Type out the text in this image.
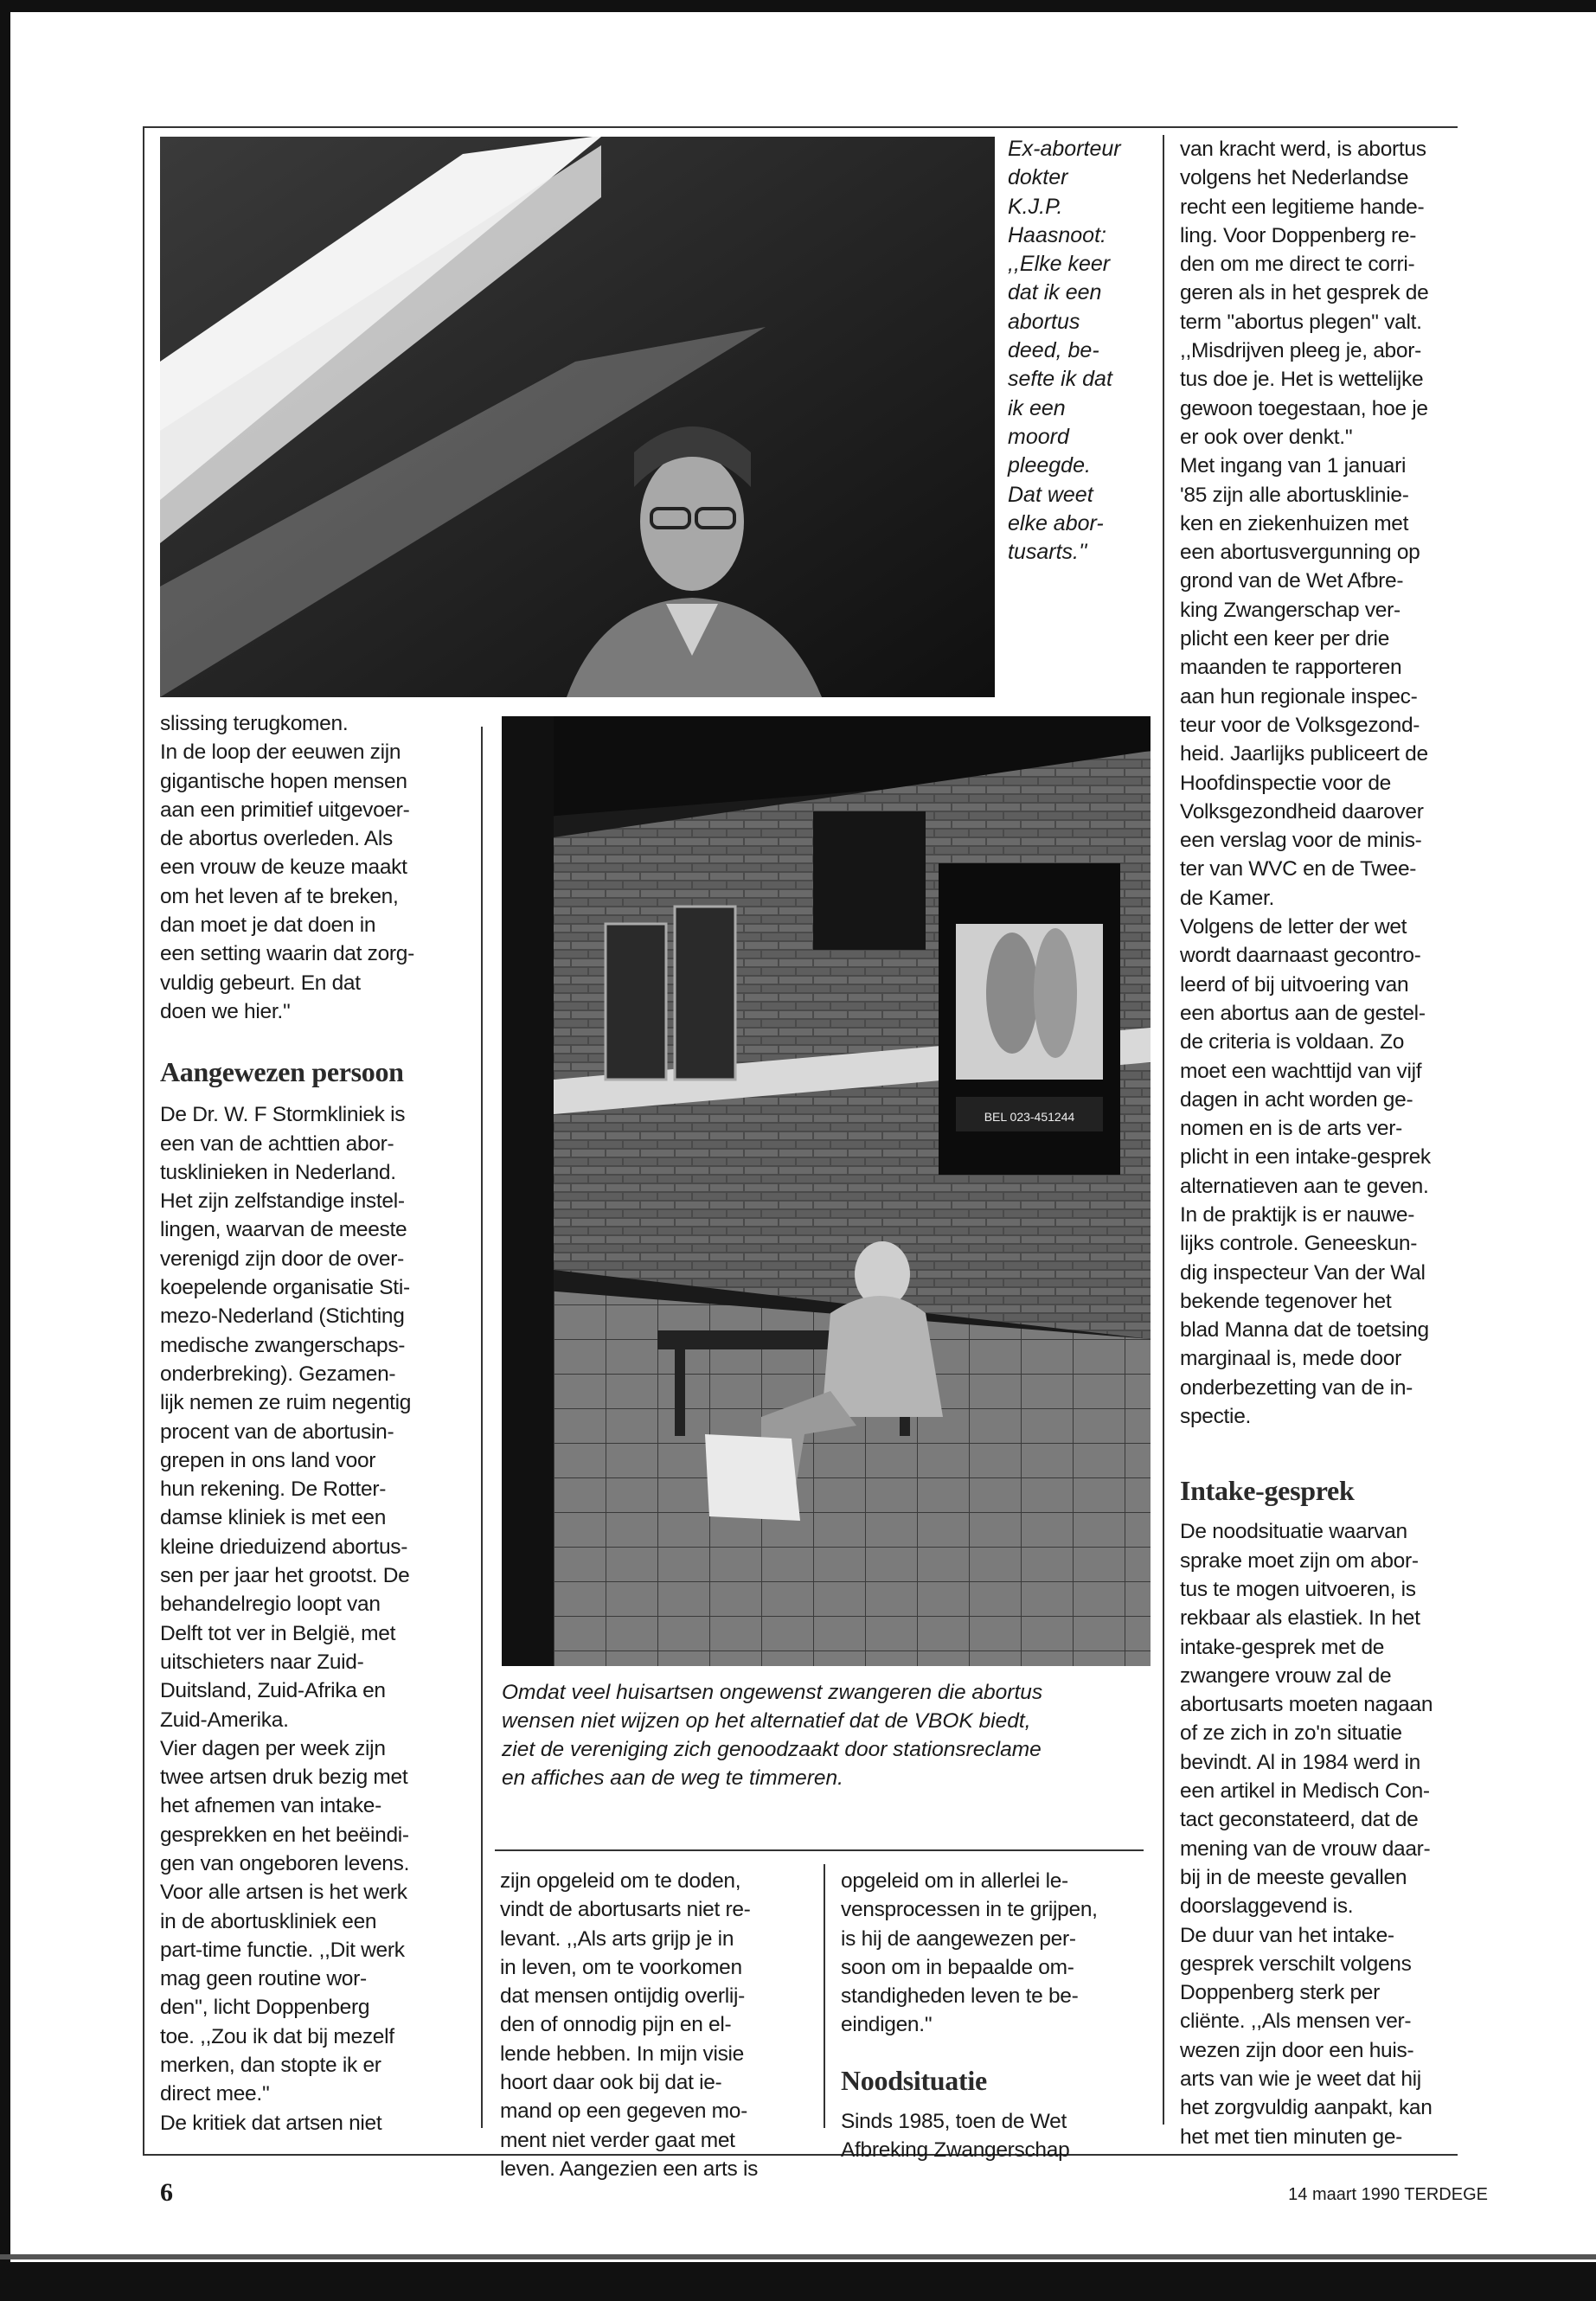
Ex-aborteur
dokter
K.J.P.
Haasnoot:
,,Elke keer
dat ik een
abortus
deed, be-
sefte ik dat
ik een
moord
pleegde.
Dat weet
elke abor-
tusarts.''
BEL 023-451244
Omdat veel huisartsen ongewenst zwangeren die abortus
wensen niet wijzen op het alternatief dat de VBOK biedt,
ziet de vereniging zich genoodzaakt door stationsreclame
en affiches aan de weg te timmeren.

slissing terugkomen.

In de loop der eeuwen zijn

gigantische hopen mensen

aan een primitief uitgevoer-

de abortus overleden. Als

een vrouw de keuze maakt

om het leven af te breken,

dan moet je dat doen in

een setting waarin dat zorg-

vuldig gebeurt. En dat

doen we hier.''

Aangewezen persoon

De Dr. W. F Stormkliniek is

een van de achttien abor-

tusklinieken in Nederland.

Het zijn zelfstandige instel-

lingen, waarvan de meeste

verenigd zijn door de over-

koepelende organisatie Sti-

mezo-Nederland (Stichting

medische zwangerschaps-

onderbreking). Gezamen-

lijk nemen ze ruim negentig

procent van de abortusin-

grepen in ons land voor

hun rekening. De Rotter-

damse kliniek is met een

kleine drieduizend abortus-

sen per jaar het grootst. De

behandelregio loopt van

Delft tot ver in België, met

uitschieters naar Zuid-

Duitsland, Zuid-Afrika en

Zuid-Amerika.

Vier dagen per week zijn

twee artsen druk bezig met

het afnemen van intake-

gesprekken en het beëindi-

gen van ongeboren levens.

Voor alle artsen is het werk

in de abortuskliniek een

part-time functie. ,,Dit werk

mag geen routine wor-

den'', licht Doppenberg

toe. ,,Zou ik dat bij mezelf

merken, dan stopte ik er

direct mee.''

De kritiek dat artsen niet

zijn opgeleid om te doden,

vindt de abortusarts niet re-

levant. ,,Als arts grijp je in

in leven, om te voorkomen

dat mensen ontijdig overlij-

den of onnodig pijn en el-

lende hebben. In mijn visie

hoort daar ook bij dat ie-

mand op een gegeven mo-

ment niet verder gaat met

leven. Aangezien een arts is

opgeleid om in allerlei le-

vensprocessen in te grijpen,

is hij de aangewezen per-

soon om in bepaalde om-

standigheden leven te be-

eindigen.''

Noodsituatie

Sinds 1985, toen de Wet

Afbreking Zwangerschap

van kracht werd, is abortus

volgens het Nederlandse

recht een legitieme hande-

ling. Voor Doppenberg re-

den om me direct te corri-

geren als in het gesprek de

term ''abortus plegen'' valt.

,,Misdrijven pleeg je, abor-

tus doe je. Het is wettelijke

gewoon toegestaan, hoe je

er ook over denkt.''

Met ingang van 1 januari

'85 zijn alle abortusklinie-

ken en ziekenhuizen met

een abortusvergunning op

grond van de Wet Afbre-

king Zwangerschap ver-

plicht een keer per drie

maanden te rapporteren

aan hun regionale inspec-

teur voor de Volksgezond-

heid. Jaarlijks publiceert de

Hoofdinspectie voor de

Volksgezondheid daarover

een verslag voor de minis-

ter van WVC en de Twee-

de Kamer.

Volgens de letter der wet

wordt daarnaast gecontro-

leerd of bij uitvoering van

een abortus aan de gestel-

de criteria is voldaan. Zo

moet een wachttijd van vijf

dagen in acht worden ge-

nomen en is de arts ver-

plicht in een intake-gesprek

alternatieven aan te geven.

In de praktijk is er nauwe-

lijks controle. Geneeskun-

dig inspecteur Van der Wal

bekende tegenover het

blad Manna dat de toetsing

marginaal is, mede door

onderbezetting van de in-

spectie.

Intake-gesprek

De noodsituatie waarvan

sprake moet zijn om abor-

tus te mogen uitvoeren, is

rekbaar als elastiek. In het

intake-gesprek met de

zwangere vrouw zal de

abortusarts moeten nagaan

of ze zich in zo'n situatie

bevindt. Al in 1984 werd in

een artikel in Medisch Con-

tact geconstateerd, dat de

mening van de vrouw daar-

bij in de meeste gevallen

doorslaggevend is.

De duur van het intake-

gesprek verschilt volgens

Doppenberg sterk per

cliënte. ,,Als mensen ver-

wezen zijn door een huis-

arts van wie je weet dat hij

het zorgvuldig aanpakt, kan

het met tien minuten ge-

6	14 maart 1990 TERDEGE
